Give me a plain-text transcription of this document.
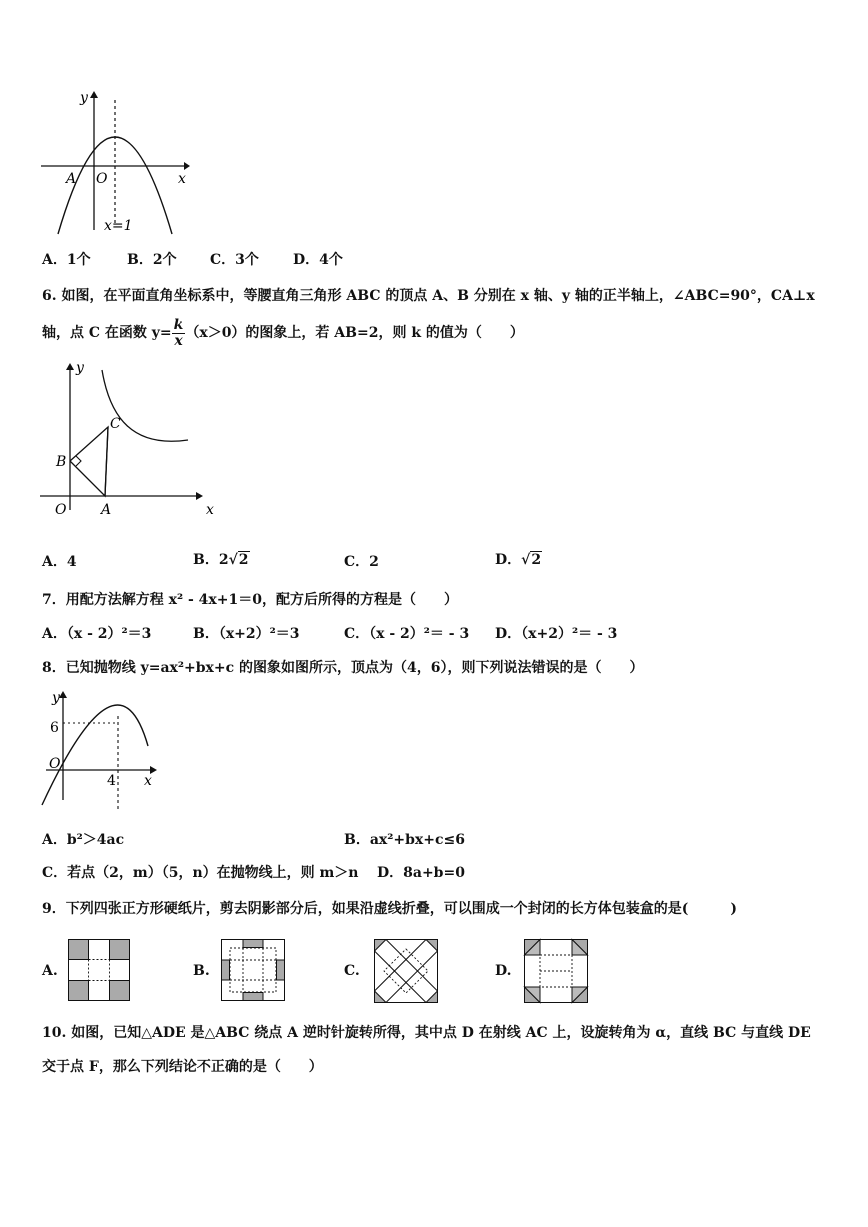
y
x
A O
x=1
A．1个	B．2个 C．3个 D．4个
6. 如图，在平面直角坐标系中，等腰直角三角形 ABC 的顶点 A、B 分别在 x 轴、y 轴的正半轴上，∠ABC=90°，CA⊥x
轴，点 C 在函数 $y= \frac{k}{x} (x>0)$的图象上，若 AB=2，则 k 的值为（　　）
y
x
O A
B
C
A．4	B．2√2	C．2	D．√2
7．用配方法解方程 x² - 4x+1＝0，配方后所得的方程是（　　）
A．（x - 2）²＝3	B．（x+2）²＝3	C．（x - 2）²＝ - 3 D．（x+2）²＝ - 3
8．已知抛物线 y=ax²+bx+c 的图象如图所示，顶点为（4，6），则下列说法错误的是（　　）
y
6
O
4 x
A．b²＞4ac	B．ax²+bx+c≤6
C．若点（2，m）（5，n）在抛物线上，则 m＞n D．8a+b=0
9．下列四张正方形硬纸片，剪去阴影部分后，如果沿虚线折叠，可以围成一个封闭的长方体包装盒的是(　　　)
A.	B.	C.	D.
10. 如图，已知△ADE 是△ABC 绕点 A 逆时针旋转所得，其中点 D 在射线 AC 上，设旋转角为 α，直线 BC 与直线 DE
交于点 F，那么下列结论不正确的是（　　）
